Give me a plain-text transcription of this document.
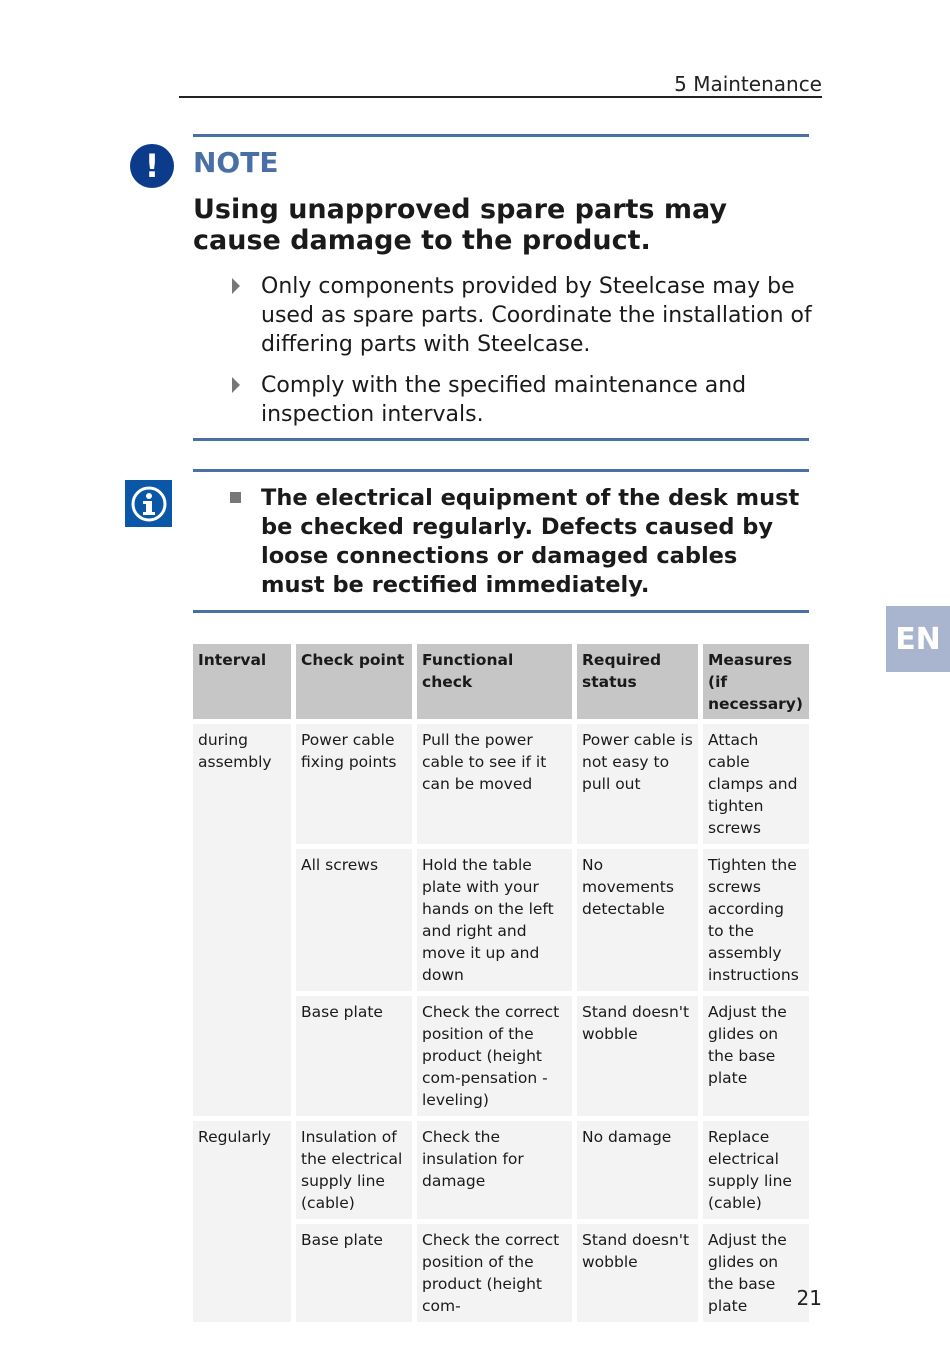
5 Maintenance
!	NOTE
Using unapproved spare parts may cause damage to the product.
Only components provided by Steelcase may be used as spare parts. Coordinate the installation of differing parts with Steelcase.
Comply with the specified maintenance and inspection intervals.
The electrical equipment of the desk must be checked regularly. Defects caused by loose connections or damaged cables must be rectified immediately.
EN
Interval	Check point	Functional check	Required status	Measures (if necessary)
during assembly	Power cable fixing points	Pull the power cable to see if it can be moved	Power cable is not easy to pull out	Attach cable clamps and tighten screws
	All screws	Hold the table plate with your hands on the left and right and move it up and down	No movements detectable	Tighten the screws according to the assembly instructions
	Base plate	Check the correct position of the product (height com-pensation - leveling)	Stand doesn't wobble	Adjust the glides on the base plate
Regularly	Insulation of the electrical supply line (cable)	Check the insulation for damage	No damage	Replace electrical supply line (cable)
	Base plate	Check the correct position of the product (height com-	Stand doesn't wobble	Adjust the glides on the base plate 21
